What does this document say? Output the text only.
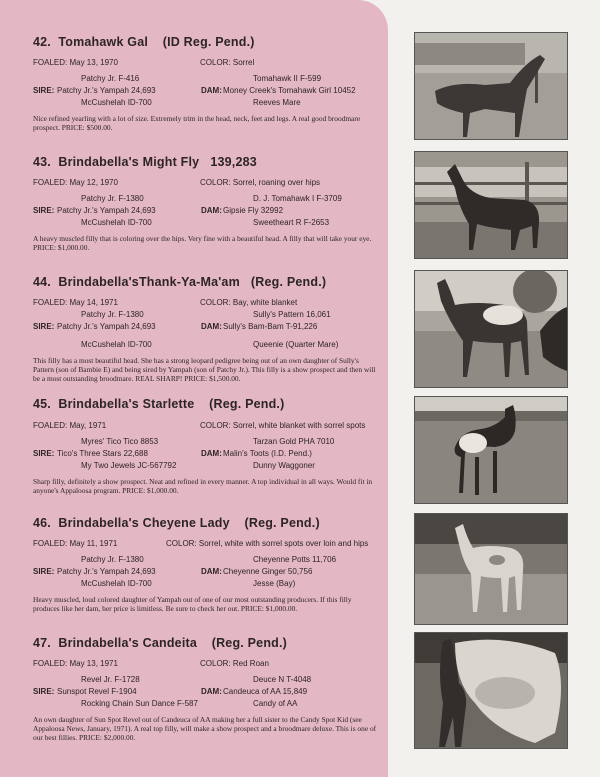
42. Tomahawk Gal (ID Reg. Pend.)
FOALED: May 13, 1970	COLOR: Sorrel
Patchy Jr. F-416	Tomahawk II F-599
SIRE: Patchy Jr.'s Yampah 24,693	DAM: Money Creek's Tomahawk Girl 10452
McCushelah ID-700	Reeves Mare
Nice refined yearling with a lot of size. Extremely trim in the head, neck, feet and legs. A real good broodmare prospect. PRICE: $500.00.
43. Brindabella's Might Fly 139,283
FOALED: May 12, 1970	COLOR: Sorrel, roaning over hips
Patchy Jr. F-1380	D. J. Tomahawk I F-3709
SIRE: Patchy Jr.'s Yampah 24,693	DAM: Gipsie Fly 32992
McCushelah ID-700	Sweetheart R F-2653
A heavy muscled filly that is coloring over the hips. Very fine with a beautiful head. A filly that will take your eye. PRICE: $1,000.00.
44. Brindabella'sThank-Ya-Ma'am (Reg. Pend.)
FOALED: May 14, 1971	COLOR: Bay, white blanket
Patchy Jr. F-1380	Sully's Pattern 16,061
SIRE: Patchy Jr.'s Yampah 24,693	DAM: Sully's Bam-Bam T-91,226
McCushelah ID-700	Queenie (Quarter Mare)
This filly has a most beautiful head. She has a strong leopard pedigree being out of an own daughter of Sully's Pattern (son of Bambie E) and being sired by Yampah (son of Patchy Jr.). This filly is a show prospect and then will be a most outstanding broodmare. REAL SHARP! PRICE: $1,500.00.
45. Brindabella's Starlette (Reg. Pend.)
FOALED: May, 1971	COLOR: Sorrel, white blanket with sorrel spots
Myres' Tico Tico 8853	Tarzan Gold PHA 7010
SIRE: Tico's Three Stars 22,688	DAM: Malin's Toots (I.D. Pend.)
My Two Jewels JC-567792	Dunny Waggoner
Sharp filly, definitely a show prospect. Neat and refined in every manner. A top individual in all ways. Would fit in anyone's Appaloosa program. PRICE: $1,000.00.
46. Brindabella's Cheyene Lady (Reg. Pend.)
FOALED: May 11, 1971	COLOR: Sorrel, white with sorrel spots over loin and hips
Patchy Jr. F-1380	Cheyenne Potts 11,706
SIRE: Patchy Jr.'s Yampah 24,693	DAM: Cheyenne Ginger 50,756
McCushelah ID-700	Jesse (Bay)
Heavy muscled, loud colored daughter of Yampah out of one of our most outstanding producers. If this filly produces like her dam, her price is limitless. Be sure to check her out. PRICE: $1,000.00.
47. Brindabella's Candeita (Reg. Pend.)
FOALED: May 13, 1971	COLOR: Red Roan
Revel Jr. F-1728	Deuce N T-4048
SIRE: Sunspot Revel F-1904	DAM: Candeuca of AA 15,849
Rocking Chain Sun Dance F-587	Candy of AA
An own daughter of Sun Spot Revel out of Candeuca of AA making her a full sister to the Candy Spot Kid (see Appaloosa News, January, 1971). A real top filly, will make a show prospect and a broodmare deluxe. This is one of our best fillies. PRICE: $2,000.00.
